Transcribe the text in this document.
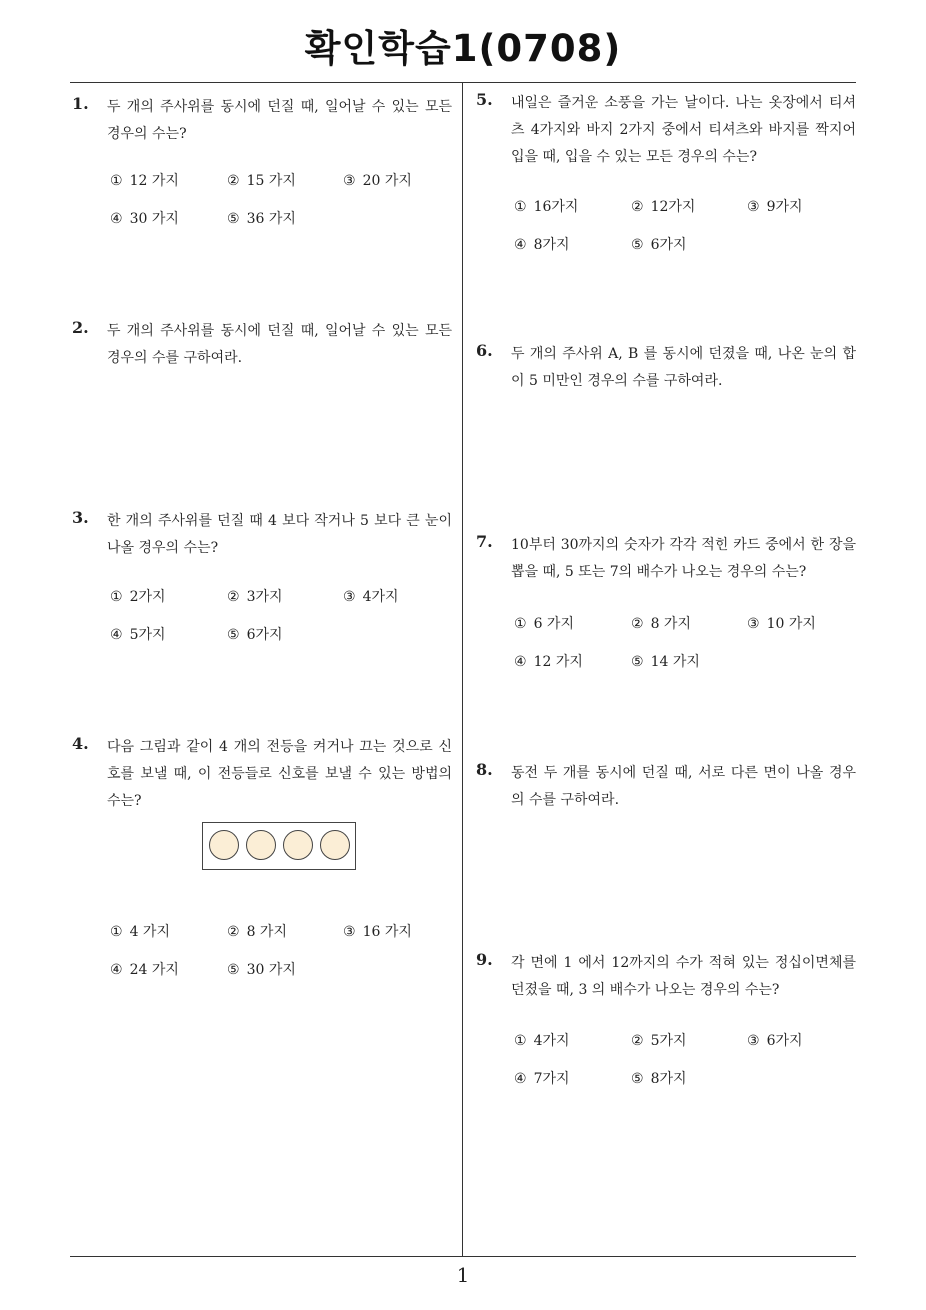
확인학습1(0708)
1. 두 개의 주사위를 동시에 던질 때, 일어날 수 있는 모든 경우의 수는?
① 12 가지	② 15 가지	③ 20 가지
④ 30 가지	⑤ 36 가지
2. 두 개의 주사위를 동시에 던질 때, 일어날 수 있는 모든 경우의 수를 구하여라.
3. 한 개의 주사위를 던질 때 4 보다 작거나 5 보다 큰 눈이 나올 경우의 수는?
① 2가지	② 3가지	③ 4가지
④ 5가지	⑤ 6가지
4. 다음 그림과 같이 4 개의 전등을 켜거나 끄는 것으로 신호를 보낼 때, 이 전등들로 신호를 보낼 수 있는 방법의 수는?
① 4 가지	② 8 가지	③ 16 가지
④ 24 가지	⑤ 30 가지
5. 내일은 즐거운 소풍을 가는 날이다. 나는 옷장에서 티셔츠 4가지와 바지 2가지 중에서 티셔츠와 바지를 짝지어 입을 때, 입을 수 있는 모든 경우의 수는?
① 16가지	② 12가지	③ 9가지
④ 8가지	⑤ 6가지
6. 두 개의 주사위 A, B 를 동시에 던졌을 때, 나온 눈의 합이 5 미만인 경우의 수를 구하여라.
7. 10부터 30까지의 숫자가 각각 적힌 카드 중에서 한 장을 뽑을 때, 5 또는 7의 배수가 나오는 경우의 수는?
① 6 가지	② 8 가지	③ 10 가지
④ 12 가지	⑤ 14 가지
8. 동전 두 개를 동시에 던질 때, 서로 다른 면이 나올 경우의 수를 구하여라.
9. 각 면에 1 에서 12까지의 수가 적혀 있는 정십이면체를 던졌을 때, 3 의 배수가 나오는 경우의 수는?
① 4가지	② 5가지	③ 6가지
④ 7가지	⑤ 8가지
1
